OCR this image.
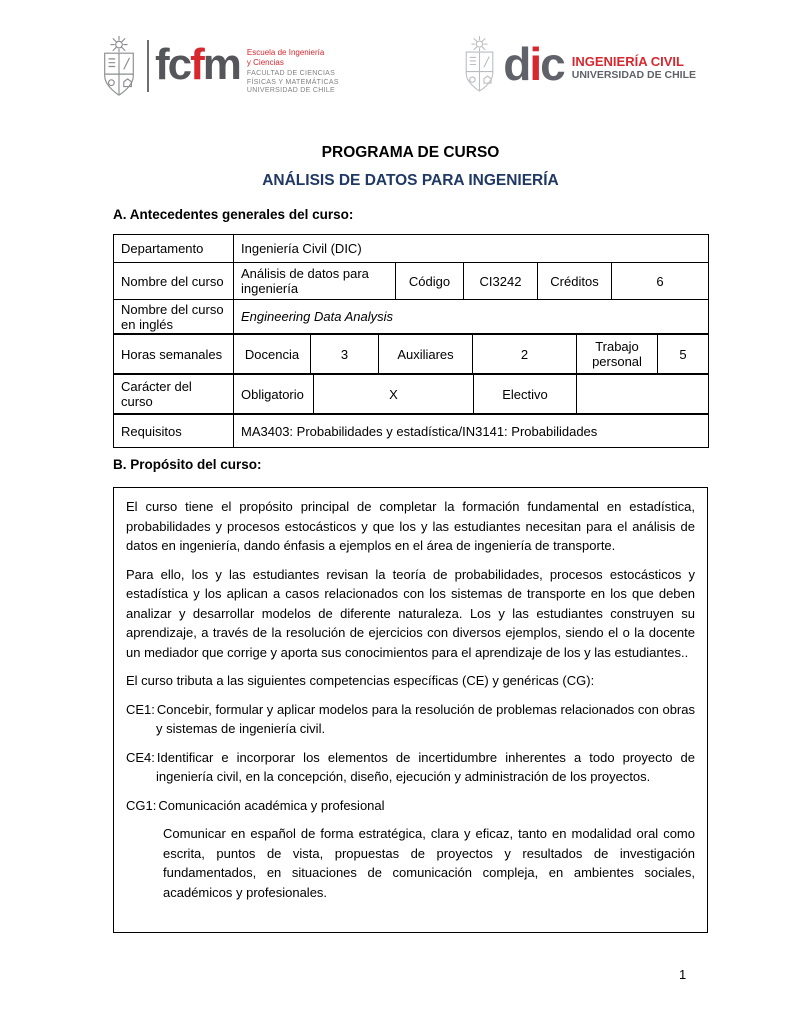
fcfm Escuela de Ingeniería
y Ciencias
FACULTAD DE CIENCIAS
FÍSICAS Y MATEMÁTICAS
UNIVERSIDAD DE CHILE
dic INGENIERÍA CIVIL
UNIVERSIDAD DE CHILE
PROGRAMA DE CURSO
ANÁLISIS DE DATOS PARA INGENIERÍA
A. Antecedentes generales del curso:
Departamento	Ingeniería Civil (DIC)
Nombre del curso	Análisis de datos para ingeniería	Código	CI3242	Créditos	6
Nombre del curso en inglés	Engineering Data Analysis
Horas semanales	Docencia	3	Auxiliares	2	Trabajo personal	5
Carácter del curso	Obligatorio	X	Electivo
Requisitos	MA3403: Probabilidades y estadística/IN3141: Probabilidades
B. Propósito del curso:

El curso tiene el propósito principal de completar la formación fundamental en estadística, probabilidades y procesos estocásticos y que los y las estudiantes necesitan para el análisis de datos en ingeniería, dando énfasis a ejemplos en el área de ingeniería de transporte.

Para ello, los y las estudiantes revisan la teoría de probabilidades, procesos estocásticos y estadística y los aplican a casos relacionados con los sistemas de transporte en los que deben analizar y desarrollar modelos de diferente naturaleza. Los y las estudiantes construyen su aprendizaje, a través de la resolución de ejercicios con diversos ejemplos, siendo el o la docente un mediador que corrige y aporta sus conocimientos para el aprendizaje de los y las estudiantes..

El curso tributa a las siguientes competencias específicas (CE) y genéricas (CG):

CE1: Concebir, formular y aplicar modelos para la resolución de problemas relacionados con obras y sistemas de ingeniería civil.

CE4: Identificar e incorporar los elementos de incertidumbre inherentes a todo proyecto de ingeniería civil, en la concepción, diseño, ejecución y administración de los proyectos.

CG1: Comunicación académica y profesional

Comunicar en español de forma estratégica, clara y eficaz, tanto en modalidad oral como escrita, puntos de vista, propuestas de proyectos y resultados de investigación fundamentados, en situaciones de comunicación compleja, en ambientes sociales, académicos y profesionales.

1
